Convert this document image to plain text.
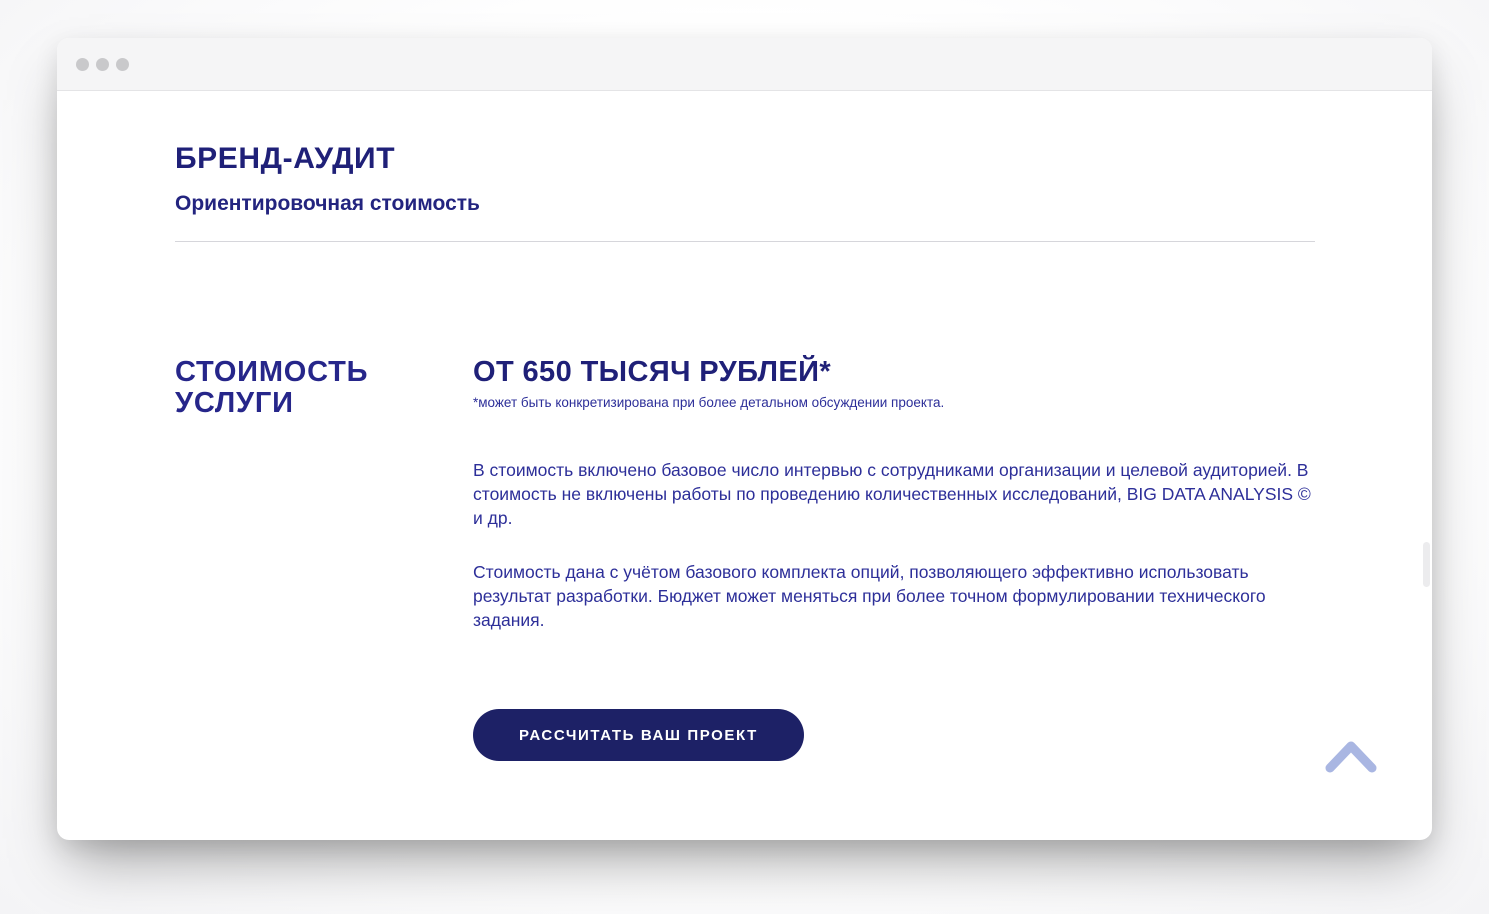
БРЕНД-АУДИТ
Ориентировочная стоимость
СТОИМОСТЬ УСЛУГИ
ОТ 650 ТЫСЯЧ РУБЛЕЙ*
*может быть конкретизирована при более детальном обсуждении проекта.

В стоимость включено базовое число интервью с сотрудниками организации и целевой аудиторией. В стоимость не включены работы по проведению количественных исследований, BIG DATA ANALYSIS © и др.

Стоимость дана с учётом базового комплекта опций, позволяющего эффективно использовать результат разработки. Бюджет может меняться при более точном формулировании технического задания.

РАССЧИТАТЬ ВАШ ПРОЕКТ
